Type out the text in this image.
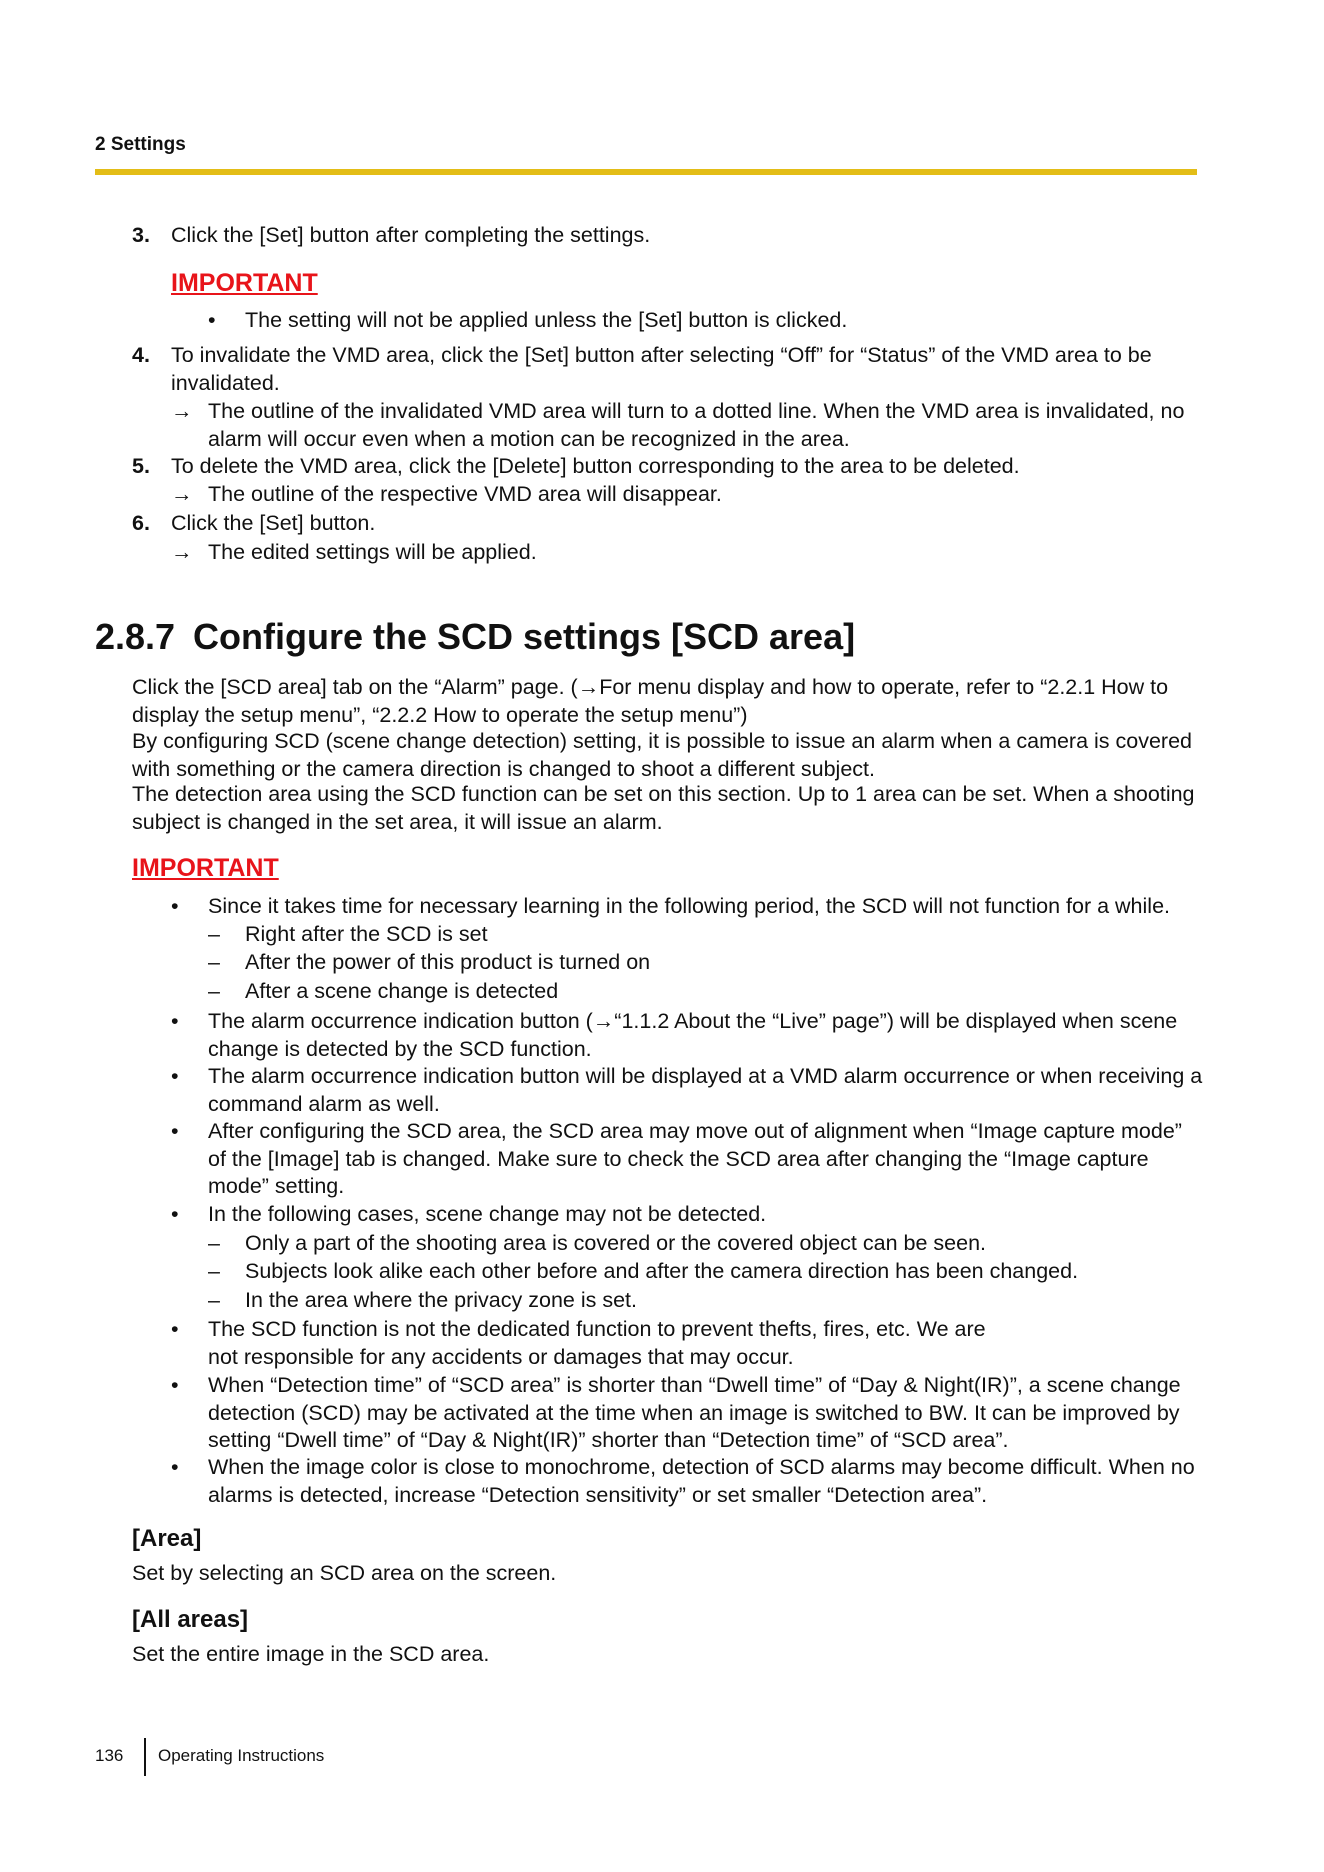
2 Settings
3. Click the [Set] button after completing the settings.
IMPORTANT
• The setting will not be applied unless the [Set] button is clicked.
4. To invalidate the VMD area, click the [Set] button after selecting “Off” for “Status” of the VMD area to be invalidated.
→ The outline of the invalidated VMD area will turn to a dotted line. When the VMD area is invalidated, no alarm will occur even when a motion can be recognized in the area.
5. To delete the VMD area, click the [Delete] button corresponding to the area to be deleted.
→ The outline of the respective VMD area will disappear.
6. Click the [Set] button.
→ The edited settings will be applied.
2.8.7 Configure the SCD settings [SCD area]
Click the [SCD area] tab on the “Alarm” page. (→For menu display and how to operate, refer to “2.2.1 How to display the setup menu”, “2.2.2 How to operate the setup menu”)
By configuring SCD (scene change detection) setting, it is possible to issue an alarm when a camera is covered with something or the camera direction is changed to shoot a different subject.
The detection area using the SCD function can be set on this section. Up to 1 area can be set. When a shooting subject is changed in the set area, it will issue an alarm.
IMPORTANT
• Since it takes time for necessary learning in the following period, the SCD will not function for a while.
– Right after the SCD is set
– After the power of this product is turned on
– After a scene change is detected
• The alarm occurrence indication button (→“1.1.2 About the “Live” page”) will be displayed when scene change is detected by the SCD function.
• The alarm occurrence indication button will be displayed at a VMD alarm occurrence or when receiving a command alarm as well.
• After configuring the SCD area, the SCD area may move out of alignment when “Image capture mode” of the [Image] tab is changed. Make sure to check the SCD area after changing the “Image capture mode” setting.
• In the following cases, scene change may not be detected.
– Only a part of the shooting area is covered or the covered object can be seen.
– Subjects look alike each other before and after the camera direction has been changed.
– In the area where the privacy zone is set.
• The SCD function is not the dedicated function to prevent thefts, fires, etc. We are not responsible for any accidents or damages that may occur.
• When “Detection time” of “SCD area” is shorter than “Dwell time” of “Day & Night(IR)”, a scene change detection (SCD) may be activated at the time when an image is switched to BW. It can be improved by setting “Dwell time” of “Day & Night(IR)” shorter than “Detection time” of “SCD area”.
• When the image color is close to monochrome, detection of SCD alarms may become difficult. When no alarms is detected, increase “Detection sensitivity” or set smaller “Detection area”.
[Area]
Set by selecting an SCD area on the screen.
[All areas]
Set the entire image in the SCD area.
136 Operating Instructions
